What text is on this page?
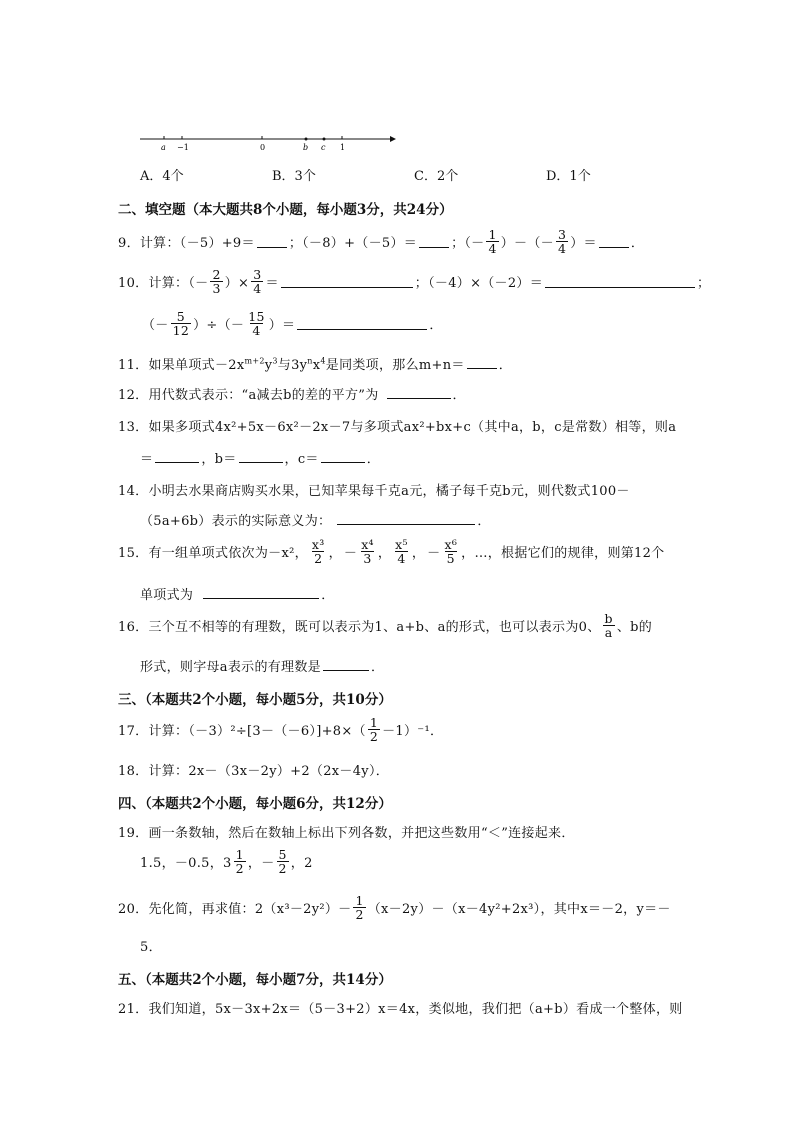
a −1	0	b c 1
A．4个	B．3个	C．2个	D．1个
二、填空题（本大题共8个小题，每小题3分，共24分）
9．计算：（－5）+9＝	；（－8）+（－5）＝	；（－ $\frac{1}{4}$ ）－（－ $\frac{3}{4}$ ）＝	．
10．计算：（－ $\frac{2}{3}$ ）× $\frac{3}{4}$ ＝	；（－4）×（－2）＝	；
（－ $\frac{5}{12}$ ）÷（－ $\frac{15}{4}$ ）＝	．
11．如果单项式$-2x^{m+2}y^3$与$3y^nx^4$是同类项，那么m+n＝	．
12．用代数式表示：“a减去b的差的平方”为	．
13．如果多项式4x²+5x－6x²－2x－7与多项式ax²+bx+c（其中a，b，c是常数）相等，则a
＝	，b＝	，c＝	．
14．小明去水果商店购买水果，已知苹果每千克a元，橘子每千克b元，则代数式100－
（5a+6b）表示的实际意义为：	．
15．有一组单项式依次为－x²， $\frac{\text{x³}}{2}$ ， － $\frac{\text{x⁴}}{3}$ ， $\frac{\text{x⁵}}{4}$ ， － $\frac{\text{x⁶}}{5}$ ，…，根据它们的规律，则第12个
单项式为	．
16．三个互不相等的有理数，既可以表示为1、a+b、a的形式，也可以表示为0、 $\frac{b}{a}$ 、b的
形式，则字母a表示的有理数是	．
三、（本题共2个小题，每小题5分，共10分）
17．计算：$(-3)^2\div[3-(-6)]+8\times( \frac{1}{2} -1)^{-1}$．
18．计算：2x－（3x－2y）+2（2x－4y）．
四、（本题共2个小题，每小题6分，共12分）
19．画一条数轴，然后在数轴上标出下列各数，并把这些数用“＜”连接起来．
1.5，－0.5，$3 \frac{1}{2}$ ，－ $\frac{5}{2}$ ，2
20．先化简，再求值：$2(x^3-2y^2)- \frac{1}{2} (x-2y)-(x-4y^2+2x^3)$，其中x＝－2，y＝－
5．
五、（本题共2个小题，每小题7分，共14分）
21．我们知道，5x－3x+2x＝（5－3+2）x＝4x，类似地，我们把（a+b）看成一个整体，则
